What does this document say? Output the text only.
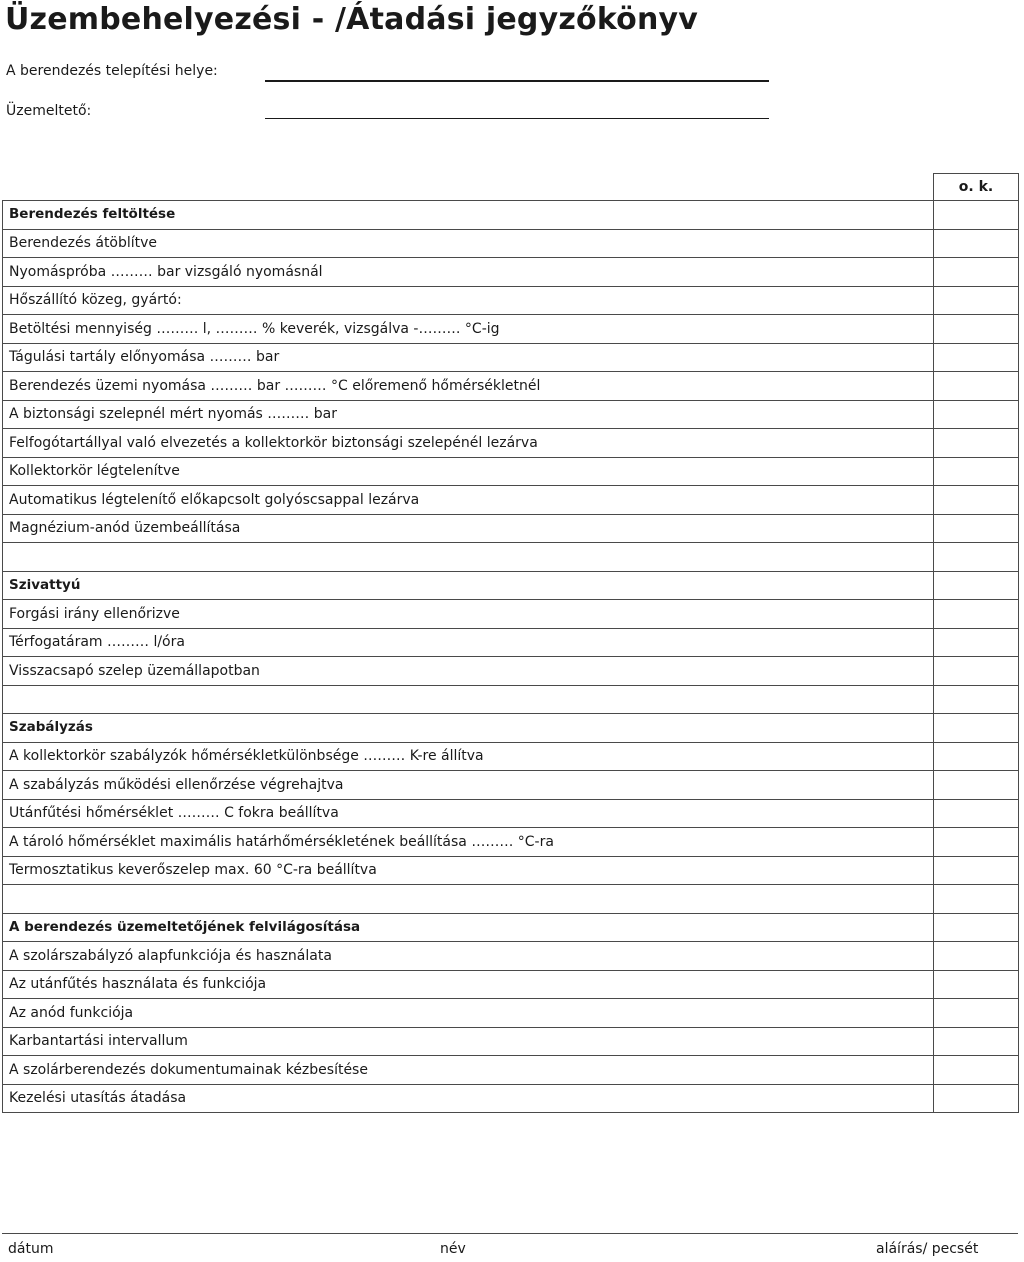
Üzembehelyezési - /Átadási jegyzőkönyv
A berendezés telepítési helye:
Üzemeltető:
	o. k.
Berendezés feltöltése	
Berendezés átöblítve	
Nyomáspróba ……… bar vizsgáló nyomásnál	
Hőszállító közeg, gyártó:	
Betöltési mennyiség ……… l, ……… % keverék, vizsgálva -……… °C-ig	
Tágulási tartály előnyomása ……… bar	
Berendezés üzemi nyomása ……… bar ……… °C előremenő hőmérsékletnél	
A biztonsági szelepnél mért nyomás ……… bar	
Felfogótartállyal való elvezetés a kollektorkör biztonsági szelepénél lezárva	
Kollektorkör légtelenítve	
Automatikus légtelenítő előkapcsolt golyóscsappal lezárva	
Magnézium-anód üzembeállítása	

Szivattyú	
Forgási irány ellenőrizve	
Térfogatáram ……… l/óra	
Visszacsapó szelep üzemállapotban	

Szabályzás	
A kollektorkör szabályzók hőmérsékletkülönbsége ……… K-re állítva	
A szabályzás működési ellenőrzése végrehajtva	
Utánfűtési hőmérséklet ……… C fokra beállítva	
A tároló hőmérséklet maximális határhőmérsékletének beállítása ……… °C-ra	
Termosztatikus keverőszelep max. 60 °C-ra beállítva	

A berendezés üzemeltetőjének felvilágosítása	
A szolárszabályzó alapfunkciója és használata	
Az utánfűtés használata és funkciója	
Az anód funkciója	
Karbantartási intervallum	
A szolárberendezés dokumentumainak kézbesítése	
Kezelési utasítás átadása	
dátum	név	aláírás/ pecsét
